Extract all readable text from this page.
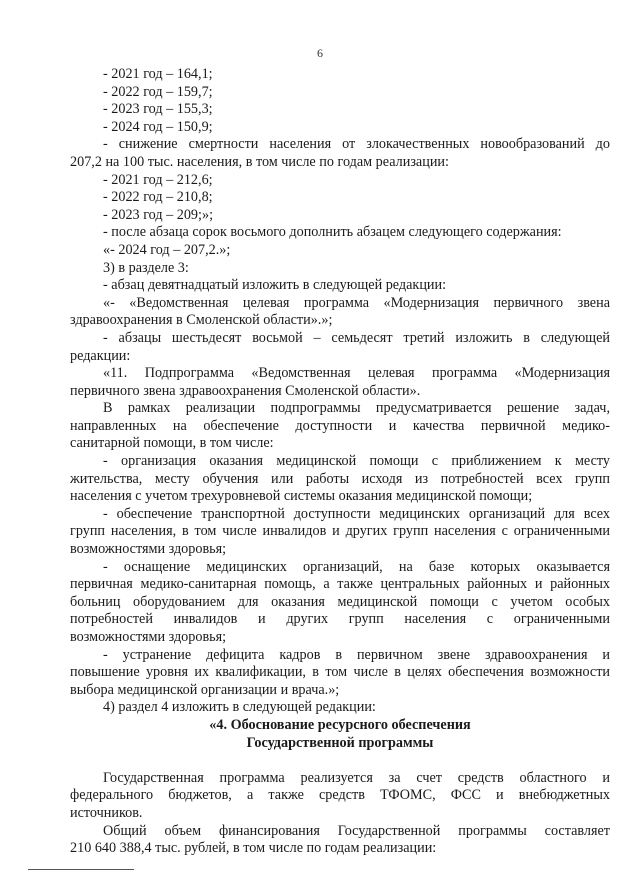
6
- 2021 год – 164,1;
- 2022 год – 159,7;
- 2023 год – 155,3;
- 2024 год – 150,9;
- снижение смертности населения от злокачественных новообразований до
207,2 на 100 тыс. населения, в том числе по годам реализации:
- 2021 год – 212,6;
- 2022 год – 210,8;
- 2023 год – 209;»;
- после абзаца сорок восьмого дополнить абзацем следующего содержания:
«- 2024 год – 207,2.»;
3) в разделе 3:
- абзац девятнадцатый изложить в следующей редакции:
«- «Ведомственная целевая программа «Модернизация первичного звена
здравоохранения в Смоленской области».»;
- абзацы шестьдесят восьмой – семьдесят третий изложить в следующей
редакции:
«11. Подпрограмма «Ведомственная целевая программа «Модернизация
первичного звена здравоохранения Смоленской области».
В рамках реализации подпрограммы предусматривается решение задач,
направленных на обеспечение доступности и качества первичной медико-
санитарной помощи, в том числе:
- организация оказания медицинской помощи с приближением к месту
жительства, месту обучения или работы исходя из потребностей всех групп
населения с учетом трехуровневой системы оказания медицинской помощи;
- обеспечение транспортной доступности медицинских организаций для всех
групп населения, в том числе инвалидов и других групп населения с ограниченными
возможностями здоровья;
- оснащение медицинских организаций, на базе которых оказывается
первичная медико-санитарная помощь, а также центральных районных и районных
больниц оборудованием для оказания медицинской помощи с учетом особых
потребностей инвалидов и других групп населения с ограниченными
возможностями здоровья;
- устранение дефицита кадров в первичном звене здравоохранения и
повышение уровня их квалификации, в том числе в целях обеспечения возможности
выбора медицинской организации и врача.»;
4) раздел 4 изложить в следующей редакции:
«4. Обоснование ресурсного обеспечения
Государственной программы
Государственная программа реализуется за счет средств областного и
федерального бюджетов, а также средств ТФОМС, ФСС и внебюджетных
источников.
Общий объем финансирования Государственной программы составляет
210 640 388,4 тыс. рублей, в том числе по годам реализации:
